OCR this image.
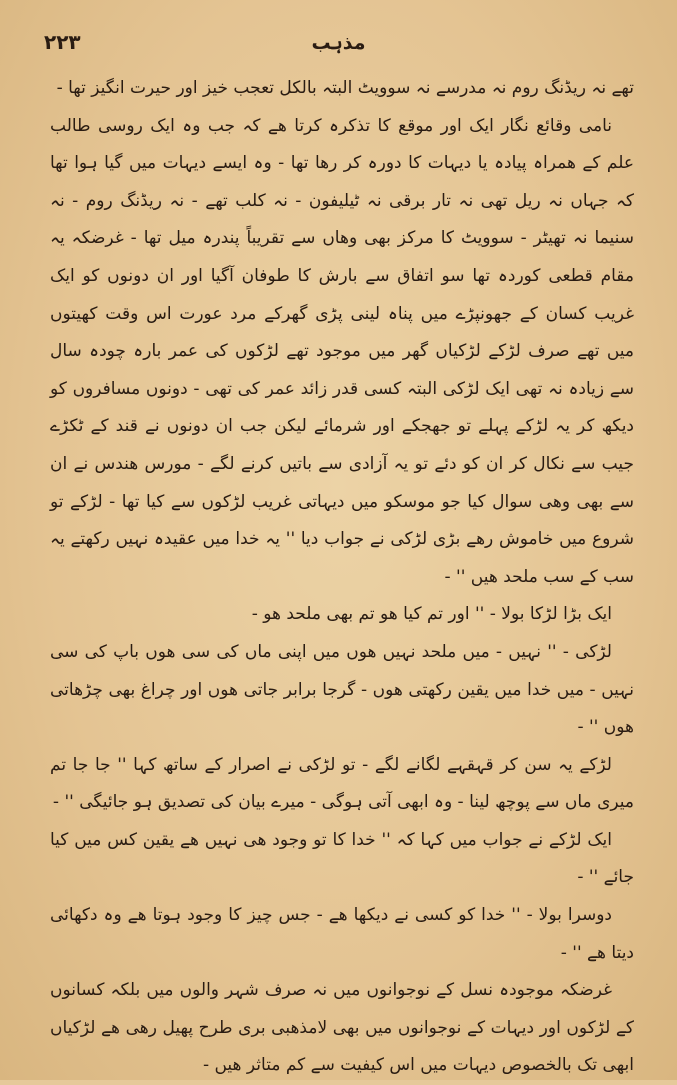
۲۲۳	مذہب

تھے نہ ریڈنگ روم نہ مدرسے نہ سوویٹ البتہ بالکل تعجب خیز اور حیرت انگیز تھا -

نامی وقائع نگار ایک اور موقع کا تذکرہ کرتا ھے کہ جب وہ ایک روسی طالب علم کے ھمراہ پیادہ یا دیہات کا دورہ کر رھا تھا - وہ ایسے دیہات میں گیا ہوا تھا کہ جہاں نہ ریل تھی نہ تار برقی نہ ٹیلیفون - نہ کلب تھے - نہ ریڈنگ روم - نہ سنیما نہ تھیٹر - سوویٹ کا مرکز بھی وھاں سے تقریباً پندرہ میل تھا - غرضکہ یہ مقام قطعی کوردہ تھا سو اتفاق سے بارش کا طوفان آگیا اور ان دونوں کو ایک غریب کسان کے جھونپڑے میں پناہ لینی پڑی گھرکے مرد عورت اس وقت کھیتوں میں تھے صرف لڑکے لڑکیاں گھر میں موجود تھے لڑکوں کی عمر بارہ چودہ سال سے زیادہ نہ تھی ایک لڑکی البتہ کسی قدر زائد عمر کی تھی - دونوں مسافروں کو دیکھ کر یہ لڑکے پہلے تو جھجکے اور شرمائے لیکن جب ان دونوں نے قند کے ٹکڑے جیب سے نکال کر ان کو دئے تو یہ آزادی سے باتیں کرنے لگے - مورس ھندس نے ان سے بھی وھی سوال کیا جو موسکو میں دیہاتی غریب لڑکوں سے کیا تھا - لڑکے تو شروع میں خاموش رھے بڑی لڑکی نے جواب دیا '' یہ خدا میں عقیدہ نہیں رکھتے یہ سب کے سب ملحد ھیں '' -

ایک بڑا لڑکا بولا - '' اور تم کیا ھو تم بھی ملحد ھو -

لڑکی - '' نہیں - میں ملحد نہیں ھوں میں اپنی ماں کی سی ھوں باپ کی سی نہیں - میں خدا میں یقین رکھتی ھوں - گرجا برابر جاتی ھوں اور چراغ بھی چڑھاتی ھوں '' -

لڑکے یہ سن کر قہقہے لگانے لگے - تو لڑکی نے اصرار کے ساتھ کہا '' جا جا تم میری ماں سے پوچھ لینا - وہ ابھی آتی ہوگی - میرے بیان کی تصدیق ہو جائیگی '' -

ایک لڑکے نے جواب میں کہا کہ '' خدا کا تو وجود ھی نہیں ھے یقین کس میں کیا جائے '' -

دوسرا بولا - '' خدا کو کسی نے دیکھا ھے - جس چیز کا وجود ہوتا ھے وہ دکھائی دیتا ھے '' -

غرضکہ موجودہ نسل کے نوجوانوں میں نہ صرف شہر والوں میں بلکہ کسانوں کے لڑکوں اور دیہات کے نوجوانوں میں بھی لامذھبی بری طرح پھیل رھی ھے لڑکیاں ابھی تک بالخصوص دیہات میں اس کیفیت سے کم متاثر ھیں -
